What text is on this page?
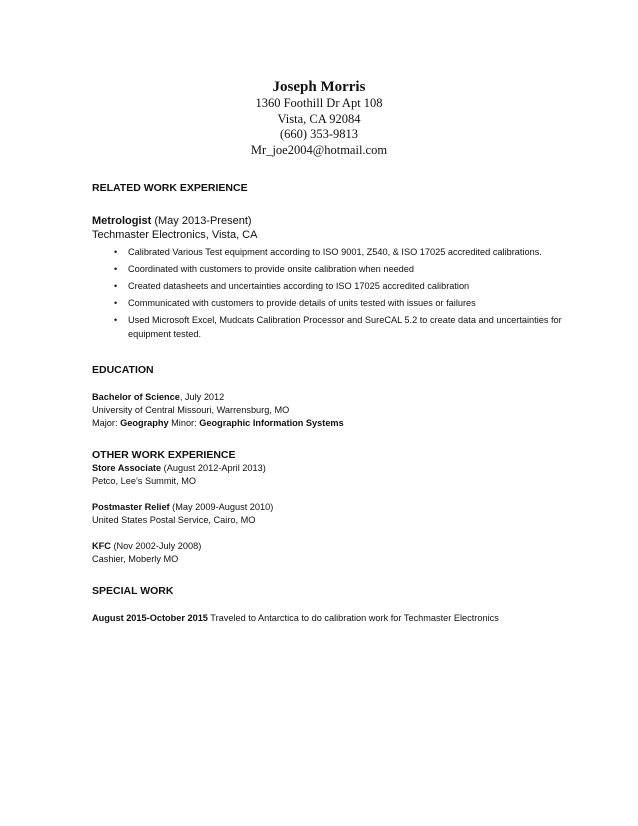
Joseph Morris
1360 Foothill Dr Apt 108
Vista, CA 92084
(660) 353-9813
Mr_joe2004@hotmail.com
RELATED WORK EXPERIENCE
Metrologist (May 2013-Present)
Techmaster Electronics, Vista, CA
• Calibrated Various Test equipment according to ISO 9001, Z540, & ISO 17025 accredited calibrations.
• Coordinated with customers to provide onsite calibration when needed
• Created datasheets and uncertainties according to ISO 17025 accredited calibration
• Communicated with customers to provide details of units tested with issues or failures
• Used Microsoft Excel, Mudcats Calibration Processor and SureCAL 5.2 to create data and uncertainties for equipment tested.
EDUCATION
Bachelor of Science, July 2012
University of Central Missouri, Warrensburg, MO
Major: Geography Minor: Geographic Information Systems
OTHER WORK EXPERIENCE
Store Associate (August 2012-April 2013)
Petco, Lee’s Summit, MO
Postmaster Relief (May 2009-August 2010)
United States Postal Service, Cairo, MO
KFC (Nov 2002-July 2008)
Cashier, Moberly MO
SPECIAL WORK
August 2015-October 2015 Traveled to Antarctica to do calibration work for Techmaster Electronics
